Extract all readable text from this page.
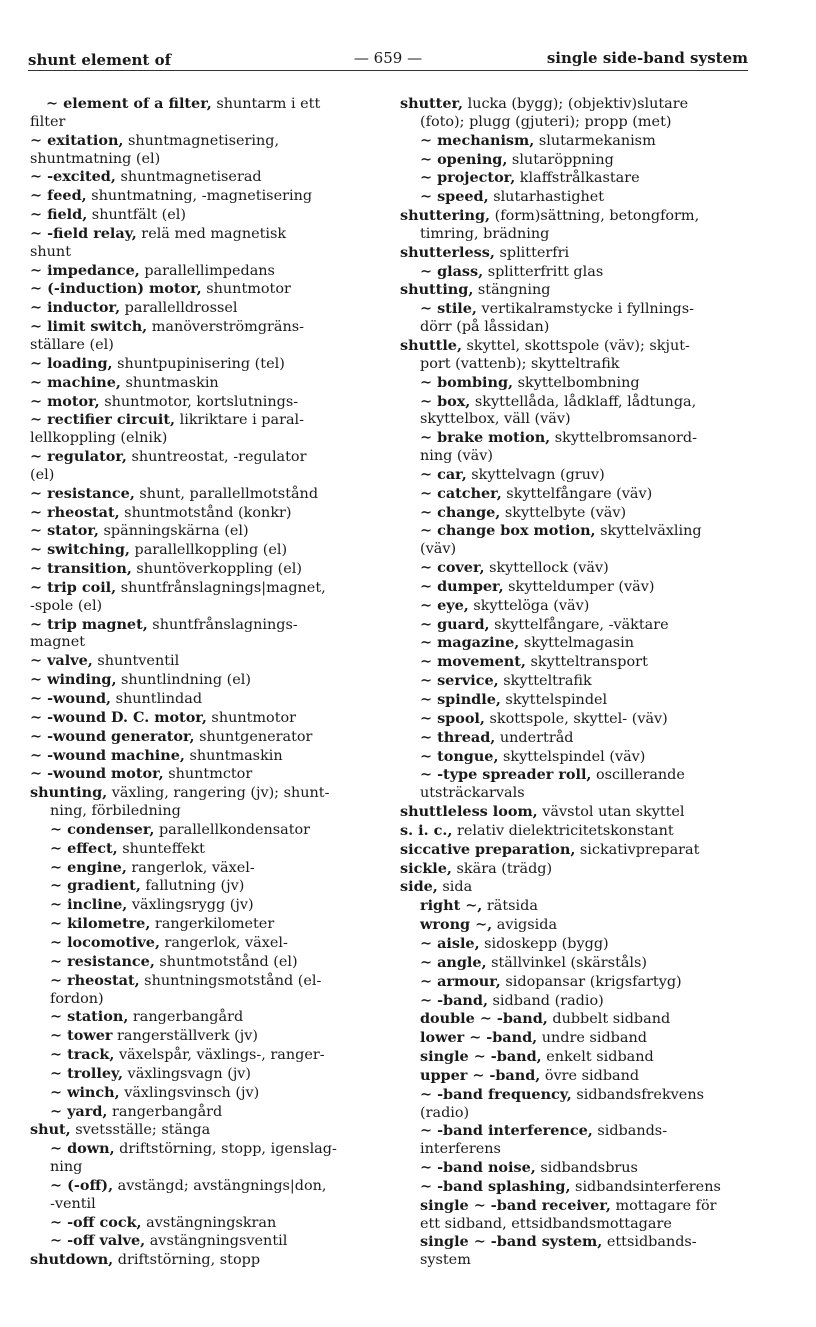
shunt element of	— 659 —	single side-band system
∼ element of a filter, shuntarm i ett
filter
∼ exitation, shuntmagnetisering,
shuntmatning (el)
∼ -excited, shuntmagnetiserad
∼ feed, shuntmatning, -magnetisering
∼ field, shuntfält (el)
∼ -field relay, relä med magnetisk
shunt
∼ impedance, parallellimpedans
∼ (-induction) motor, shuntmotor
∼ inductor, parallelldrossel
∼ limit switch, manöverströmgräns-
ställare (el)
∼ loading, shuntpupinisering (tel)
∼ machine, shuntmaskin
∼ motor, shuntmotor, kortslutnings-
∼ rectifier circuit, likriktare i paral-
lellkoppling (elnik)
∼ regulator, shuntreostat, -regulator
(el)
∼ resistance, shunt, parallellmotstånd
∼ rheostat, shuntmotstånd (konkr)
∼ stator, spänningskärna (el)
∼ switching, parallellkoppling (el)
∼ transition, shuntöverkoppling (el)
∼ trip coil, shuntfrånslagnings|magnet,
-spole (el)
∼ trip magnet, shuntfrånslagnings-
magnet
∼ valve, shuntventil
∼ winding, shuntlindning (el)
∼ -wound, shuntlindad
∼ -wound D. C. motor, shuntmotor
∼ -wound generator, shuntgenerator
∼ -wound machine, shuntmaskin
∼ -wound motor, shuntmctor
shunting, växling, rangering (jv); shunt-
ning, förbiledning
∼ condenser, parallellkondensator
∼ effect, shunteffekt
∼ engine, rangerlok, växel-
∼ gradient, fallutning (jv)
∼ incline, växlingsrygg (jv)
∼ kilometre, rangerkilometer
∼ locomotive, rangerlok, växel-
∼ resistance, shuntmotstånd (el)
∼ rheostat, shuntningsmotstånd (el-
fordon)
∼ station, rangerbangård
∼ tower rangerställverk (jv)
∼ track, växelspår, växlings-, ranger-
∼ trolley, växlingsvagn (jv)
∼ winch, växlingsvinsch (jv)
∼ yard, rangerbangård
shut, svetsställe; stänga
∼ down, driftstörning, stopp, igenslag-
ning
∼ (-off), avstängd; avstängnings|don,
-ventil
∼ -off cock, avstängningskran
∼ -off valve, avstängningsventil
shutdown, driftstörning, stopp
shutter, lucka (bygg); (objektiv)slutare
(foto); plugg (gjuteri); propp (met)
∼ mechanism, slutarmekanism
∼ opening, slutaröppning
∼ projector, klaffstrålkastare
∼ speed, slutarhastighet
shuttering, (form)sättning, betongform,
timring, brädning
shutterless, splitterfri
∼ glass, splitterfritt glas
shutting, stängning
∼ stile, vertikalramstycke i fyllnings-
dörr (på låssidan)
shuttle, skyttel, skottspole (väv); skjut-
port (vattenb); skytteltrafik
∼ bombing, skyttelbombning
∼ box, skyttellåda, lådklaff, lådtunga,
skyttelbox, väll (väv)
∼ brake motion, skyttelbromsanord-
ning (väv)
∼ car, skyttelvagn (gruv)
∼ catcher, skyttelfångare (väv)
∼ change, skyttelbyte (väv)
∼ change box motion, skyttelväxling
(väv)
∼ cover, skyttellock (väv)
∼ dumper, skytteldumper (väv)
∼ eye, skyttelöga (väv)
∼ guard, skyttelfångare, -väktare
∼ magazine, skyttelmagasin
∼ movement, skytteltransport
∼ service, skytteltrafik
∼ spindle, skyttelspindel
∼ spool, skottspole, skyttel- (väv)
∼ thread, undertråd
∼ tongue, skyttelspindel (väv)
∼ -type spreader roll, oscillerande
utsträckarvals
shuttleless loom, vävstol utan skyttel
s. i. c., relativ dielektricitetskonstant
siccative preparation, sickativpreparat
sickle, skära (trädg)
side, sida
right ∼, rätsida
wrong ∼, avigsida
∼ aisle, sidoskepp (bygg)
∼ angle, ställvinkel (skärståls)
∼ armour, sidopansar (krigsfartyg)
∼ -band, sidband (radio)
double ∼ -band, dubbelt sidband
lower ∼ -band, undre sidband
single ∼ -band, enkelt sidband
upper ∼ -band, övre sidband
∼ -band frequency, sidbandsfrekvens
(radio)
∼ -band interference, sidbands-
interferens
∼ -band noise, sidbandsbrus
∼ -band splashing, sidbandsinterferens
single ∼ -band receiver, mottagare för
ett sidband, ettsidbandsmottagare
single ∼ -band system, ettsidbands-
system
